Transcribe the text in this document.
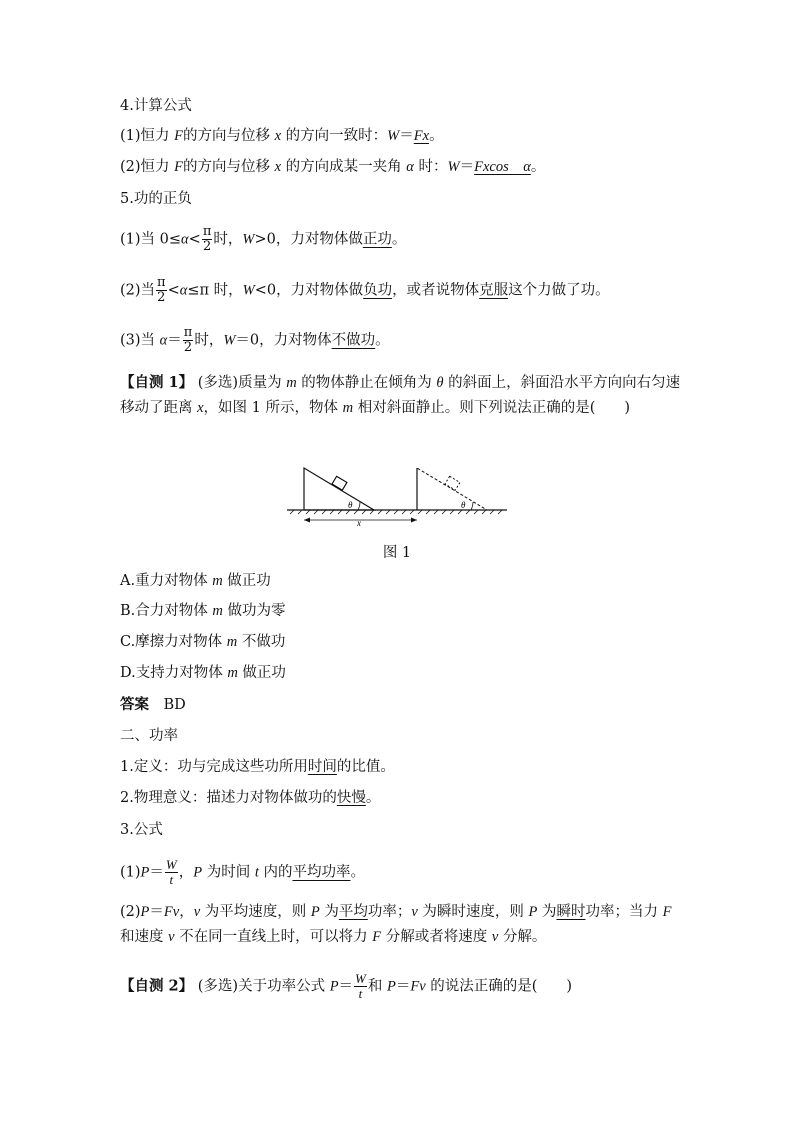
4.计算公式
(1)恒力 F的方向与位移 x 的方向一致时：W＝Fx。
(2)恒力 F的方向与位移 x 的方向成某一夹角 α 时：W＝Fxcos　α。
5.功的正负
(1)当 $0\le\alpha< \frac{\pi}{2}$ 时，W>0，力对物体做正功。
(2)当 $\frac{\pi}{2} <\alpha\le\pi$ 时，W<0，力对物体做负功，或者说物体克服这个力做了功。
(3)当 $\alpha= \frac{\pi}{2}$ 时，W＝0，力对物体不做功。
【自测 1】 (多选)质量为 m 的物体静止在倾角为 θ 的斜面上，斜面沿水平方向向右匀速移动了距离 x，如图 1 所示，物体 m 相对斜面静止。则下列说法正确的是(　　)
θ	θ
x
图 1
A.重力对物体 m 做正功
B.合力对物体 m 做功为零
C.摩擦力对物体 m 不做功
D.支持力对物体 m 做正功
答案　 BD
二、功率
1.定义：功与完成这些功所用时间的比值。
2.物理意义：描述力对物体做功的快慢。
3.公式
$(1)P= \frac{W}{t}$ ，P 为时间 t 内的平均功率。
(2)P＝Fv，v 为平均速度，则 P 为平均功率；v 为瞬时速度，则 P 为瞬时功率；当力 F 和速度 v 不在同一直线上时，可以将力 F 分解或者将速度 v 分解。
【自测 2】 (多选)关于功率公式 $P= \frac{W}{t}$ 和 P＝Fv 的说法正确的是(　　)
